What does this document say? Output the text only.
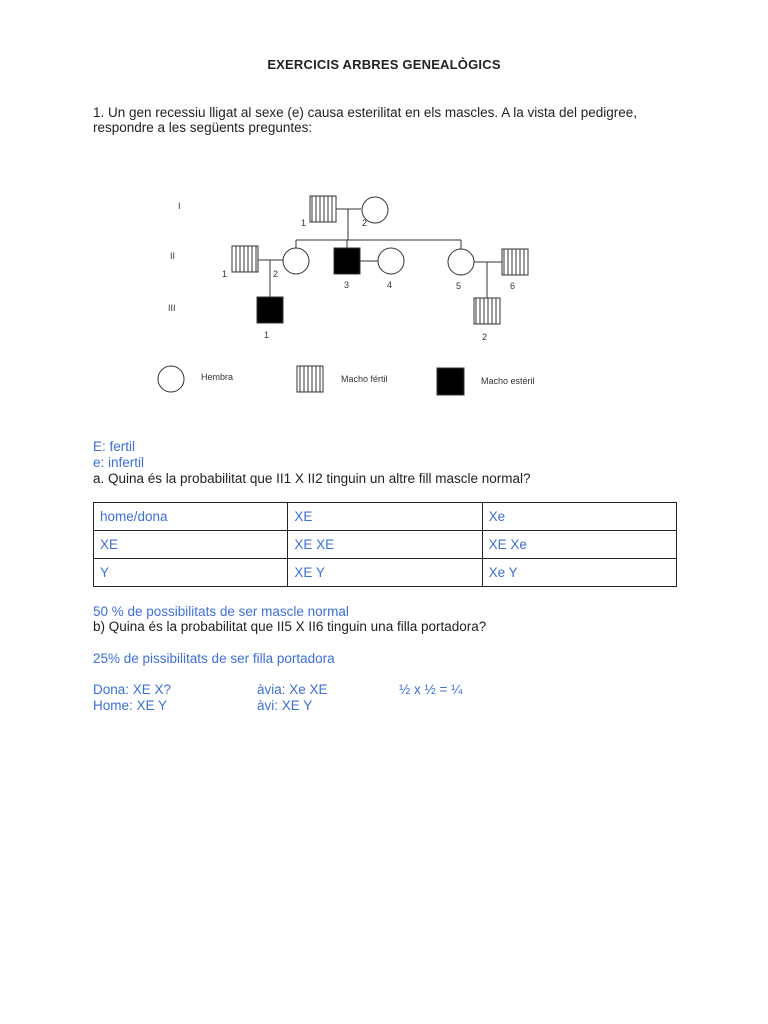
EXERCICIS ARBRES GENEALÒGICS
1. Un gen recessiu lligat al sexe (e) causa esterilitat en els mascles. A la vista del pedigree, respondre a les següents preguntes:
I
II
III
1	2
1	2
3	4	5	6
1	2
Hembra	Macho fértil	Macho estéril
E: fertil
e: infertil
a. Quina és la probabilitat que II1 X II2 tinguin un altre fill mascle normal?
home/dona	XE	Xe
XE	XE XE	XE Xe
Y	XE Y	Xe Y
50 % de possibilitats de ser mascle normal
b) Quina és la probabilitat que II5 X II6 tinguin una filla portadora?
25% de pissibilitats de ser filla portadora
Dona: XE X?
Home: XE Y
àvia: Xe XE
àvi: XE Y
½ x ½ = ¼
